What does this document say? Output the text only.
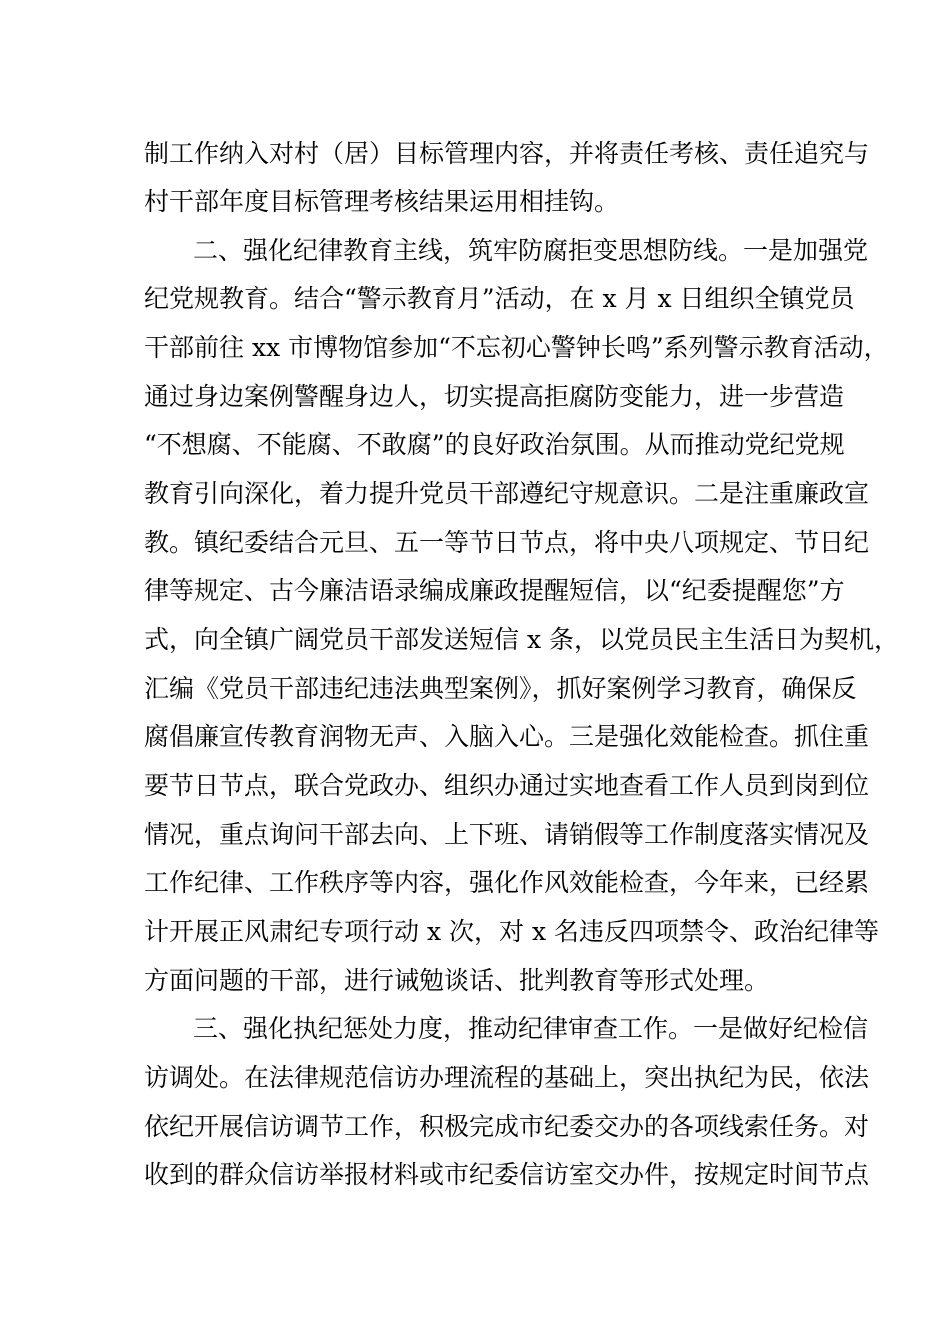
制工作纳入对村（居）目标管理内容，并将责任考核、责任追究与
村干部年度目标管理考核结果运用相挂钩。
二、强化纪律教育主线，筑牢防腐拒变思想防线。一是加强党
纪党规教育。结合“警示教育月”活动，在 x 月 x 日组织全镇党员
干部前往 xx 市博物馆参加“不忘初心警钟长鸣”系列警示教育活动，
通过身边案例警醒身边人，切实提高拒腐防变能力，进一步营造
“不想腐、不能腐、不敢腐”的良好政治氛围。从而推动党纪党规
教育引向深化，着力提升党员干部遵纪守规意识。二是注重廉政宣
教。镇纪委结合元旦、五一等节日节点，将中央八项规定、节日纪
律等规定、古今廉洁语录编成廉政提醒短信，以“纪委提醒您”方
式，向全镇广阔党员干部发送短信 x 条，以党员民主生活日为契机，
汇编《党员干部违纪违法典型案例》，抓好案例学习教育，确保反
腐倡廉宣传教育润物无声、入脑入心。三是强化效能检查。抓住重
要节日节点，联合党政办、组织办通过实地查看工作人员到岗到位
情况，重点询问干部去向、上下班、请销假等工作制度落实情况及
工作纪律、工作秩序等内容，强化作风效能检查，今年来，已经累
计开展正风肃纪专项行动 x 次，对 x 名违反四项禁令、政治纪律等
方面问题的干部，进行诫勉谈话、批判教育等形式处理。
三、强化执纪惩处力度，推动纪律审查工作。一是做好纪检信
访调处。在法律规范信访办理流程的基础上，突出执纪为民，依法
依纪开展信访调节工作，积极完成市纪委交办的各项线索任务。对
收到的群众信访举报材料或市纪委信访室交办件，按规定时间节点
